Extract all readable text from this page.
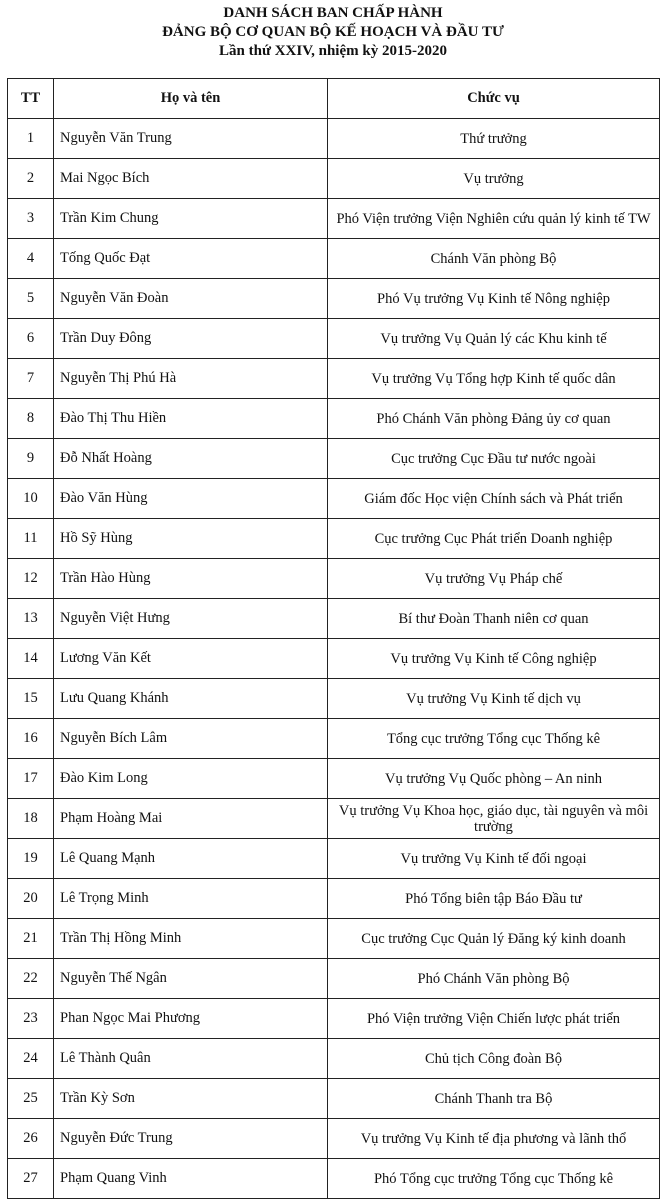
DANH SÁCH BAN CHẤP HÀNH
ĐẢNG BỘ CƠ QUAN BỘ KẾ HOẠCH VÀ ĐẦU TƯ
Lần thứ XXIV, nhiệm kỳ 2015-2020
TT	Họ và tên	Chức vụ
1	Nguyễn Văn Trung	Thứ trưởng
2	Mai Ngọc Bích	Vụ trưởng
3	Trần Kim Chung	Phó Viện trưởng Viện Nghiên cứu quản lý kinh tế TW
4	Tống Quốc Đạt	Chánh Văn phòng Bộ
5	Nguyễn Văn Đoàn	Phó Vụ trưởng Vụ Kinh tế Nông nghiệp
6	Trần Duy Đông	Vụ trưởng Vụ Quản lý các Khu kinh tế
7	Nguyễn Thị Phú Hà	Vụ trưởng Vụ Tổng hợp Kinh tế quốc dân
8	Đào Thị Thu Hiền	Phó Chánh Văn phòng Đảng ủy cơ quan
9	Đỗ Nhất Hoàng	Cục trưởng Cục Đầu tư nước ngoài
10	Đào Văn Hùng	Giám đốc Học viện Chính sách và Phát triển
11	Hồ Sỹ Hùng	Cục trưởng Cục Phát triển Doanh nghiệp
12	Trần Hào Hùng	Vụ trưởng Vụ Pháp chế
13	Nguyễn Việt Hưng	Bí thư Đoàn Thanh niên cơ quan
14	Lương Văn Kết	Vụ trưởng Vụ Kinh tế Công nghiệp
15	Lưu Quang Khánh	Vụ trưởng Vụ Kinh tế dịch vụ
16	Nguyễn Bích Lâm	Tổng cục trưởng Tổng cục Thống kê
17	Đào Kim Long	Vụ trưởng Vụ Quốc phòng – An ninh
18	Phạm Hoàng Mai	Vụ trưởng Vụ Khoa học, giáo dục, tài nguyên và môi trường
19	Lê Quang Mạnh	Vụ trưởng Vụ Kinh tế đối ngoại
20	Lê Trọng Minh	Phó Tổng biên tập Báo Đầu tư
21	Trần Thị Hồng Minh	Cục trưởng Cục Quản lý Đăng ký kinh doanh
22	Nguyễn Thế Ngân	Phó Chánh Văn phòng Bộ
23	Phan Ngọc Mai Phương	Phó Viện trưởng Viện Chiến lược phát triển
24	Lê Thành Quân	Chủ tịch Công đoàn Bộ
25	Trần Kỳ Sơn	Chánh Thanh tra Bộ
26	Nguyễn Đức Trung	Vụ trưởng Vụ Kinh tế địa phương và lãnh thổ
27	Phạm Quang Vinh	Phó Tổng cục trưởng Tổng cục Thống kê
